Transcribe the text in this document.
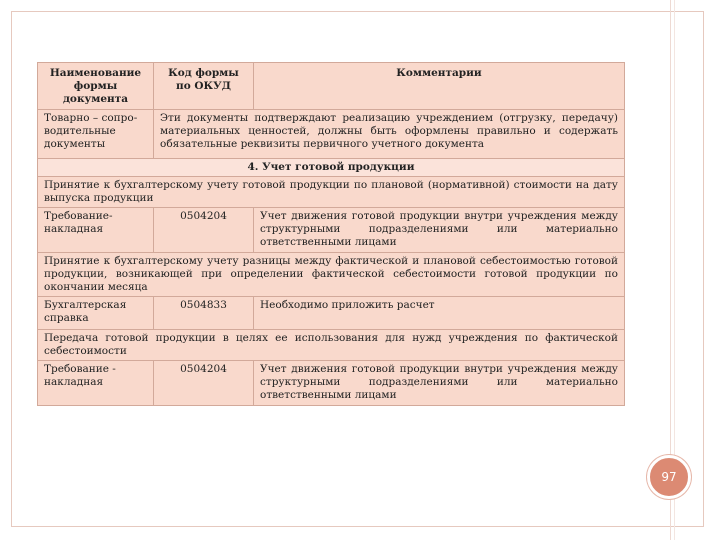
Наименование формы документа	Код формы по ОКУД	Комментарии
Товарно – сопро-водительные документы	Эти документы подтверждают реализацию учреждением (отгрузку, передачу) материальных ценностей, должны быть оформлены правильно и содержать обязательные реквизиты первичного учетного документа	
4. Учет готовой продукции		
Принятие к бухгалтерскому учету готовой продукции по плановой (нормативной) стоимости на дату выпуска продукции		
Требование-накладная	0504204	Учет движения готовой продукции внутри учреждения между структурными подразделениями или материально ответственными лицами
Принятие к бухгалтерскому учету разницы между фактической и плановой себестоимостью готовой продукции, возникающей при определении фактической себестоимости готовой продукции по окончании месяца		
Бухгалтерская справка	0504833	Необходимо приложить расчет
Передача готовой продукции в целях ее использования для нужд учреждения по фактической себестоимости		
Требование - накладная	0504204	Учет движения готовой продукции внутри учреждения между структурными подразделениями или материально ответственными лицами
97
